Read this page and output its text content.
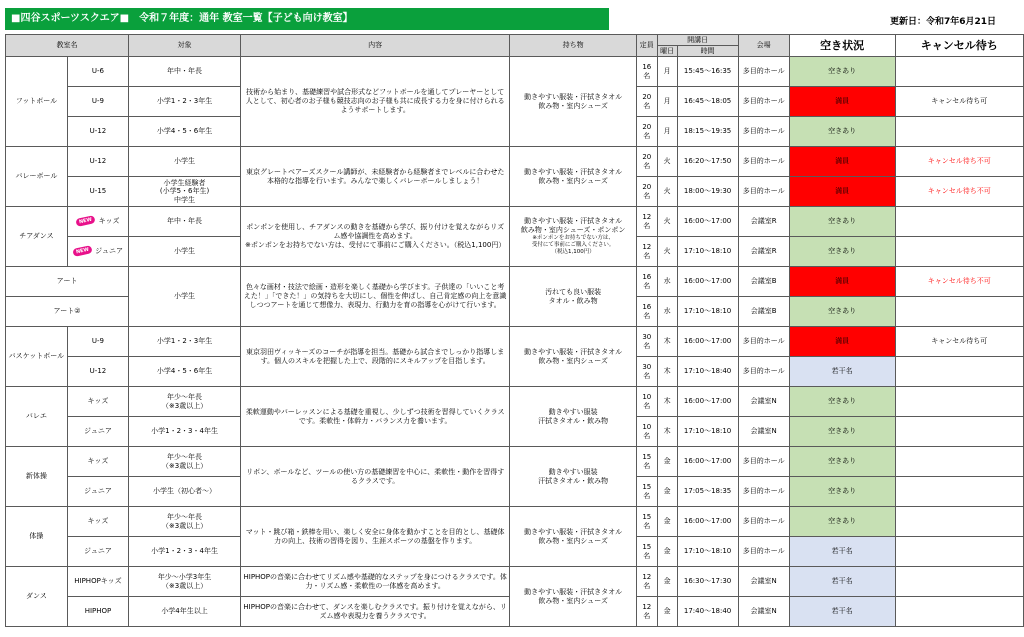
■四谷スポーツスクエア■　令和７年度：通年 教室一覧【子ども向け教室】	更新日：令和7年6月21日
教室名		対象	内容	持ち物	定員	開講日		会場	空き状況	キャンセル待ち
						曜日	時間			
フットボール	U-6	年中・年長	技術から始まり、基礎練習や試合形式などフットボールを通してプレーヤーとして人として、初心者のお子様も競技志向のお子様も共に成長する力を身に付けられるようサポートします。	動きやすい服装・汗拭きタオル
飲み物・室内シューズ	16名	月	15:45～16:35	多目的ホール	空きあり	
	U-9	小学1・2・3年生			20名	月	16:45～18:05	多目的ホール	満員	キャンセル待ち可
	U-12	小学4・5・6年生			20名	月	18:15～19:35	多目的ホール	空きあり	
バレーボール	U-12	小学生	東京グレートベアーズスクール講師が、未経験者から経験者までレベルに合わせた本格的な指導を行います。みんなで楽しくバレーボールしましょう！	動きやすい服装・汗拭きタオル
飲み物・室内シューズ	20名	火	16:20～17:50	多目的ホール	満員	キャンセル待ち不可
	U-15	小学生経験者
(小学5・6年生)
中学生			20名	火	18:00～19:30	多目的ホール	満員	キャンセル待ち不可
チアダンス	NEW キッズ	年中・年長	ポンポンを使用し、チアダンスの動きを基礎から学び、振り付けを覚えながらリズム感や協調性を高めます。
※ポンポンをお持ちでない方は、受付にて事前にご購入ください。（税込1,100円）	動きやすい服装・汗拭きタオル
飲み物・室内シューズ・ポンポン
※ポンポンをお持ちでない方は、
受付にて事前にご購入ください。
（税込1,100円）	12名	火	16:00～17:00	会議室R	空きあり	
	NEW ジュニア	小学生			12名	火	17:10～18:10	会議室R	空きあり	
アート		小学生	色々な画材・技法で絵画・造形を楽しく基礎から学びます。子供達の「いいこと考えた！」「できた！」の気持ちを大切にし、個性を伸ばし、自己肯定感の向上を意識しつつアートを通じて想像力、表現力、行動力を育の指導を心がけて行います。	汚れても良い服装
タオル・飲み物	16名	水	16:00～17:00	会議室B	満員	キャンセル待ち不可
アート②					16名	水	17:10～18:10	会議室B	空きあり	
バスケットボール	U-9	小学1・2・3年生	東京羽田ヴィッキーズのコーチが指導を担当。基礎から試合までしっかり指導します。個人のスキルを把握した上で、段階的にスキルアップを目指します。	動きやすい服装・汗拭きタオル
飲み物・室内シューズ	30名	木	16:00～17:00	多目的ホール	満員	キャンセル待ち可
	U-12	小学4・5・6年生			30名	木	17:10～18:40	多目的ホール	若干名	
バレエ	キッズ	年少～年長
（※3歳以上）	柔軟運動やバーレッスンによる基礎を重視し、少しずつ技術を習得していくクラスです。柔軟性・体幹力・バランス力を養います。	動きやすい服装
汗拭きタオル・飲み物	10名	木	16:00～17:00	会議室N	空きあり	
	ジュニア	小学1・2・3・4年生			10名	木	17:10～18:10	会議室N	空きあり	
新体操	キッズ	年少～年長
（※3歳以上）	リボン、ボールなど、ツールの使い方の基礎練習を中心に、柔軟性・動作を習得するクラスです。	動きやすい服装
汗拭きタオル・飲み物	15名	金	16:00～17:00	多目的ホール	空きあり	
	ジュニア	小学生（初心者～）			15名	金	17:05～18:35	多目的ホール	空きあり	
体操	キッズ	年少～年長
（※3歳以上）	マット・跳び箱・鉄棒を用い、楽しく安全に身体を動かすことを目的とし、基礎体力の向上、技術の習得を図り、生涯スポーツの基盤を作ります。	動きやすい服装・汗拭きタオル
飲み物・室内シューズ	15名	金	16:00～17:00	多目的ホール	空きあり	
	ジュニア	小学1・2・3・4年生			15名	金	17:10～18:10	多目的ホール	若干名	
ダンス	HIPHOPキッズ	年少～小学3年生
（※3歳以上）	HIPHOPの音楽に合わせてリズム感や基礎的なステップを身につけるクラスです。体力・リズム感・柔軟性の一体感を高めます。	動きやすい服装・汗拭きタオル
飲み物・室内シューズ	12名	金	16:30～17:30	会議室N	若干名	
	HIPHOP	小学4年生以上	HIPHOPの音楽に合わせて、ダンスを楽しむクラスです。振り付けを覚えながら、リズム感や表現力を養うクラスです。		12名	金	17:40～18:40	会議室N	若干名	
